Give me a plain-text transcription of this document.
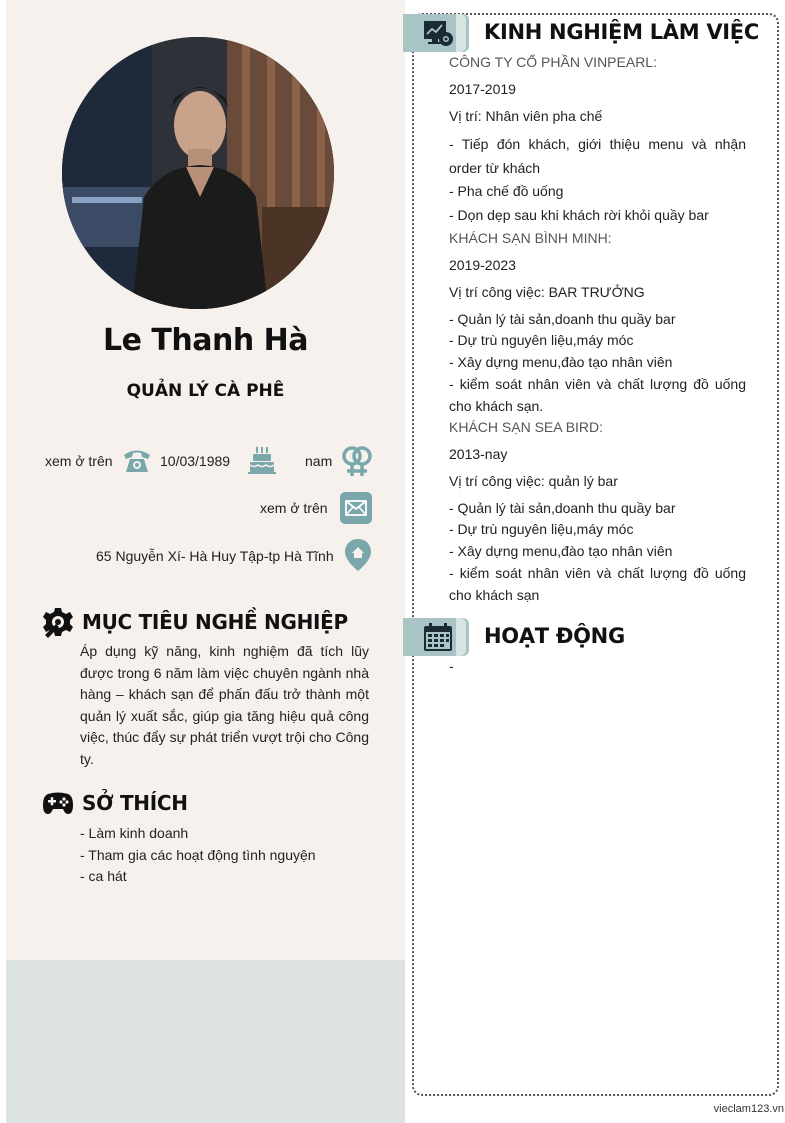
Le Thanh Hà
QUẢN LÝ CÀ PHÊ
xem ở trên	10/03/1989	nam
xem ở trên
65 Nguyễn Xí- Hà Huy Tập-tp Hà Tĩnh
MỤC TIÊU NGHỀ NGHIỆP
Áp dụng kỹ năng, kinh nghiệm đã tích lũy được trong 6 năm làm việc chuyên ngành nhà hàng – khách sạn để phấn đấu trở thành một quản lý xuất sắc, giúp gia tăng hiệu quả công việc, thúc đẩy sự phát triển vượt trội cho Công ty.
SỞ THÍCH
- Làm kinh doanh
- Tham gia các hoạt động tình nguyện
- ca hát
KINH NGHIỆM LÀM VIỆC
CÔNG TY CỔ PHẦN VINPEARL:
2017-2019
Vị trí: Nhân viên pha chế
- Tiếp đón khách, giới thiệu menu và nhận order từ khách
- Pha chế đồ uống
- Dọn dẹp sau khi khách rời khỏi quầy bar
KHÁCH SẠN BÌNH MINH:
2019-2023
Vị trí công việc: BAR TRƯỞNG
- Quản lý tài sản,doanh thu quầy bar
- Dự trù nguyên liệu,máy móc
- Xây dựng menu,đào tạo nhân viên
- kiểm soát nhân viên và chất lượng đồ uống cho khách sạn.
KHÁCH SẠN SEA BIRD:
2013-nay
Vị trí công việc: quản lý bar
- Quản lý tài sản,doanh thu quầy bar
- Dự trù nguyên liệu,máy móc
- Xây dựng menu,đào tạo nhân viên
- kiểm soát nhân viên và chất lượng đồ uống cho khách sạn
HOẠT ĐỘNG
-
vieclam123.vn
